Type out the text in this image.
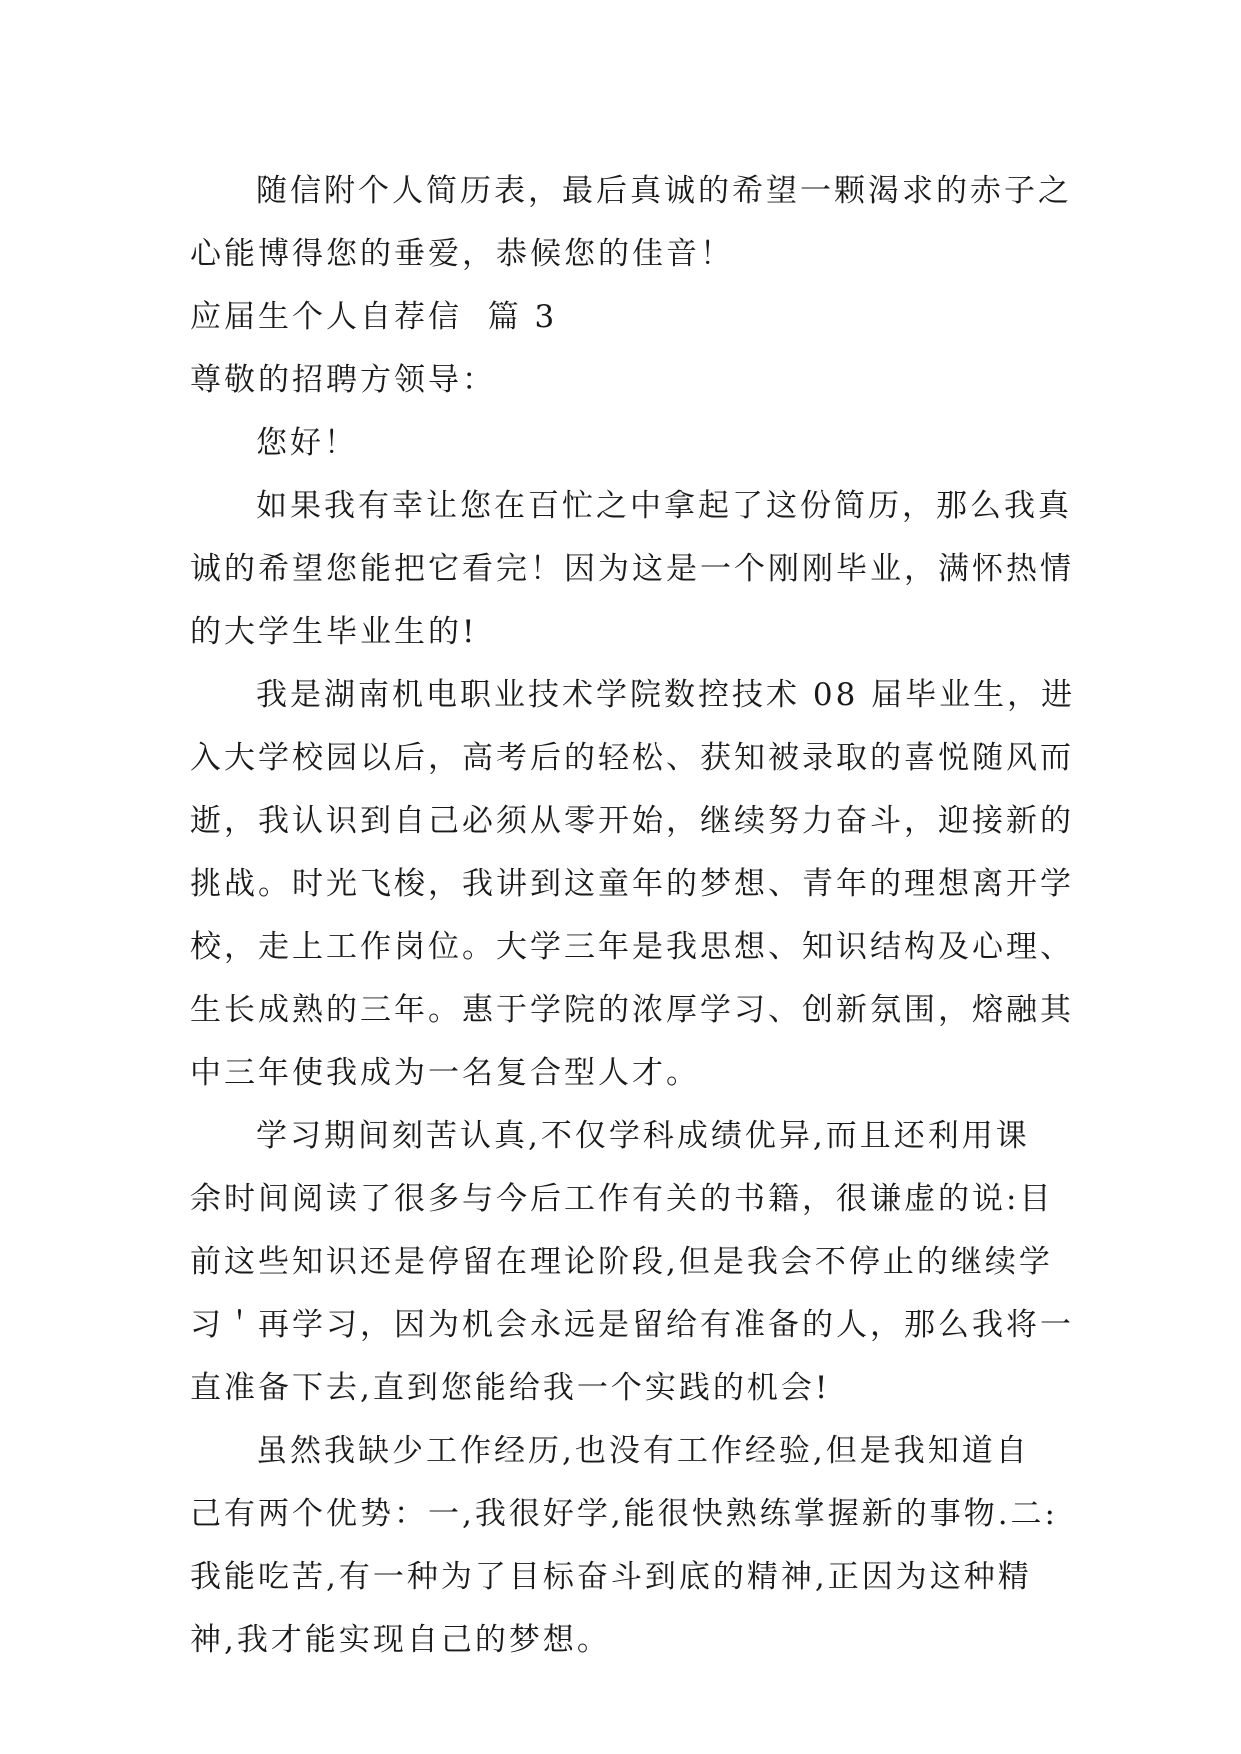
随信附个人简历表，最后真诚的希望一颗渴求的赤子之

心能博得您的垂爱，恭候您的佳音！

应届生个人自荐信  篇 3

尊敬的招聘方领导：

您好！

如果我有幸让您在百忙之中拿起了这份简历，那么我真

诚的希望您能把它看完！因为这是一个刚刚毕业，满怀热情

的大学生毕业生的!

我是湖南机电职业技术学院数控技术 08 届毕业生，进

入大学校园以后，高考后的轻松、获知被录取的喜悦随风而

逝，我认识到自己必须从零开始，继续努力奋斗，迎接新的

挑战。时光飞梭，我讲到这童年的梦想、青年的理想离开学

校，走上工作岗位。大学三年是我思想、知识结构及心理、

生长成熟的三年。惠于学院的浓厚学习、创新氛围，熔融其

中三年使我成为一名复合型人才。

学习期间刻苦认真,不仅学科成绩优异,而且还利用课

余时间阅读了很多与今后工作有关的书籍，很谦虚的说:目

前这些知识还是停留在理论阶段,但是我会不停止的继续学

习＇再学习，因为机会永远是留给有准备的人，那么我将一

直准备下去,直到您能给我一个实践的机会!

虽然我缺少工作经历,也没有工作经验,但是我知道自

己有两个优势：一,我很好学,能很快熟练掌握新的事物.二:

我能吃苦,有一种为了目标奋斗到底的精神,正因为这种精

神,我才能实现自己的梦想。
